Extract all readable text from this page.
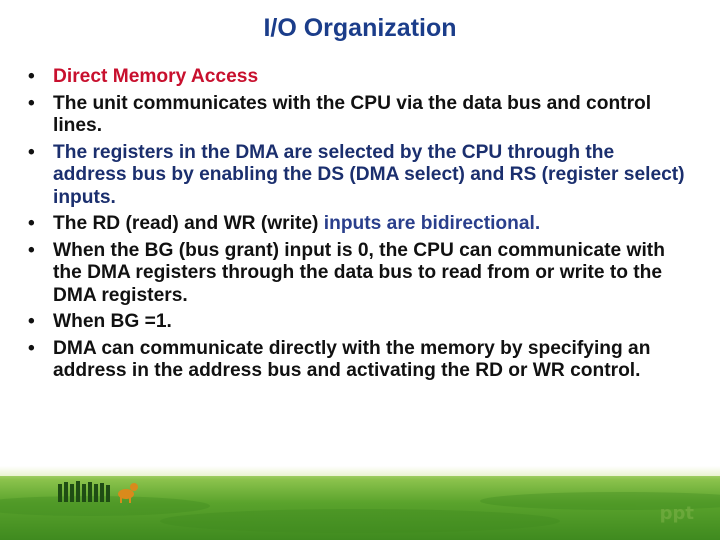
I/O Organization
• Direct Memory Access
• The unit communicates with the CPU via the data bus and control lines.
• The registers in the DMA are selected by the CPU through the address bus by enabling the DS (DMA select) and RS (register select) inputs.
• The RD (read) and WR (write) inputs are bidirectional.
• When the BG (bus grant) input is 0, the CPU can communicate with the DMA registers through the data bus to read from or write to the DMA registers.
• When BG =1.
• DMA can communicate directly with the memory by specifying an address in the address bus and activating the RD or WR control.
ppt
